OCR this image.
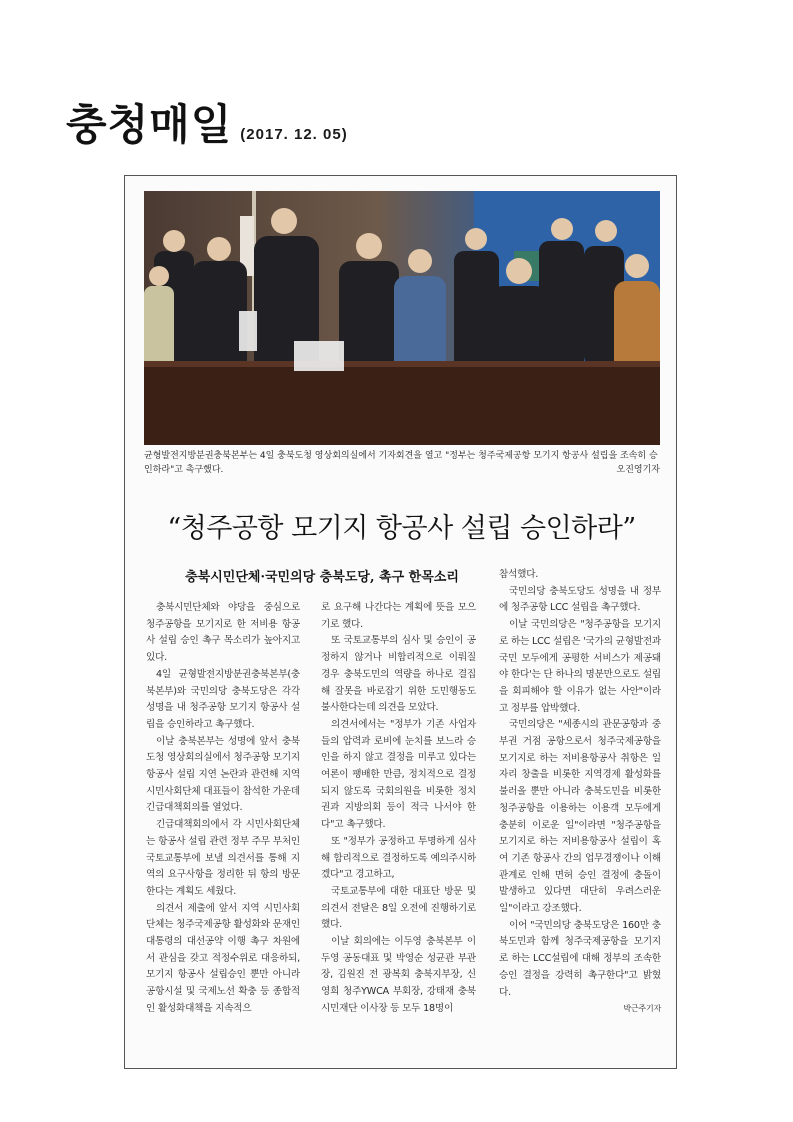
충청매일 (2017. 12. 05)
균형발전지방분권충북본부는 4일 충북도청 영상회의실에서 기자회견을 열고 "정부는 청주국제공항 모기지 항공사 설립을 조속히 승인하라"고 촉구했다.	오진영기자
“청주공항 모기지 항공사 설립 승인하라”
충북시민단체·국민의당 충북도당, 촉구 한목소리

충북시민단체와 야당을 중심으로 청주공항을 모기지로 한 저비용 항공사 설립 승인 촉구 목소리가 높아지고 있다.

4일 균형발전지방분권충북본부(충북본부)와 국민의당 충북도당은 각각 성명을 내 청주공항 모기지 항공사 설립을 승인하라고 촉구했다.

이날 충북본부는 성명에 앞서 충북도청 영상회의실에서 청주공항 모기지 항공사 설립 지연 논란과 관련해 지역 시민사회단체 대표들이 참석한 가운데 긴급대책회의를 열었다.

긴급대책회의에서 각 시민사회단체는 항공사 설립 관련 정부 주무 부처인 국토교통부에 보낼 의견서를 통해 지역의 요구사항을 정리한 뒤 항의 방문한다는 계획도 세웠다.

의견서 제출에 앞서 지역 시민사회단체는 청주국제공항 활성화와 문재인 대통령의 대선공약 이행 촉구 차원에서 관심을 갖고 적정수위로 대응하되, 모기지 항공사 설립승인 뿐만 아니라 공항시설 및 국제노선 확충 등 종합적인 활성화대책을 지속적으

로 요구해 나간다는 계획에 뜻을 모으기로 했다.

또 국토교통부의 심사 및 승인이 공정하지 않거나 비합리적으로 이뤄질 경우 충북도민의 역량을 하나로 결집해 잘못을 바로잡기 위한 도민행동도 불사한다는데 의견을 모았다.

의견서에서는 "정부가 기존 사업자들의 압력과 로비에 눈치를 보느라 승인을 하지 않고 결정을 미루고 있다는 여론이 팽배한 만큼, 정치적으로 결정되지 않도록 국회의원을 비롯한 정치권과 지방의회 등이 적극 나서야 한다"고 촉구했다.

또 "정부가 공정하고 투명하게 심사해 합리적으로 결정하도록 예의주시하겠다"고 경고하고,

국토교통부에 대한 대표단 방문 및 의견서 전달은 8일 오전에 진행하기로 했다.

이날 회의에는 이두영 충북본부 이두영 공동대표 및 박영순 성균관 부관장, 김원진 전 광복회 충북지부장, 신영희 청주YWCA 부회장, 강태재 충북시민재단 이사장 등 모두 18명이

참석했다.

국민의당 충북도당도 성명을 내 정부에 청주공항 LCC 설립을 촉구했다.

이날 국민의당은 "청주공항을 모기지로 하는 LCC 설립은 '국가의 균형발전과 국민 모두에게 공평한 서비스가 제공돼야 한다'는 단 하나의 명분만으로도 설립을 회피해야 할 이유가 없는 사안"이라고 정부를 압박했다.

국민의당은 "세종시의 관문공항과 중부권 거점 공항으로서 청주국제공항을 모기지로 하는 저비용항공사 취항은 일자리 창출을 비롯한 지역경제 활성화를 불러올 뿐만 아니라 충북도민을 비롯한 청주공항을 이용하는 이용객 모두에게 충분히 이로운 일"이라면 "청주공항을 모기지로 하는 저비용항공사 설립이 혹여 기존 항공사 간의 업무경쟁이나 이해관계로 인해 면허 승인 결정에 충돌이 발생하고 있다면 대단히 우려스러운 일"이라고 강조했다.

이어 "국민의당 충북도당은 160만 충북도민과 함께 청주국제공항을 모기지로 하는 LCC설립에 대해 정부의 조속한 승인 결정을 강력히 촉구한다"고 밝혔다.

박근주기자
